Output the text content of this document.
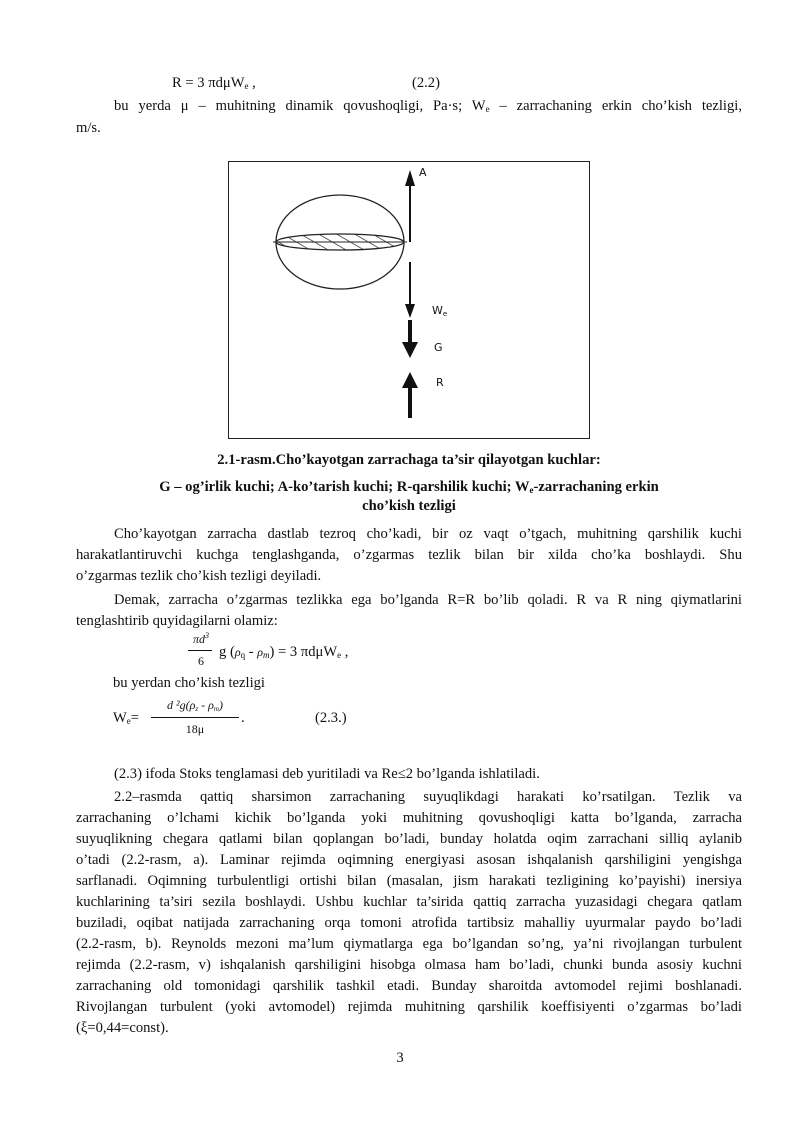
R = 3 πdμW$_e$ ,	(2.2)
bu yerda μ – muhitning dinamik qovushoqligi, Pa·s; $W_e$ – zarrachaning erkin cho’kish tezligi,
m/s.
A
$W_e$
G
R
2.1-rasm.Cho’kayotgan zarrachaga ta’sir qilayotgan kuchlar:
G – og’irlik kuchi; A-ko’tarish kuchi; R-qarshilik kuchi; $W_e$-zarrachaning erkin
cho’kish tezligi
Cho’kayotgan zarracha dastlab tezroq cho’kadi, bir oz vaqt o’tgach, muhitning qarshilik kuchi
harakatlantiruvchi kuchga tenglashganda, o’zgarmas tezlik bilan bir xilda cho’ka boshlaydi. Shu
o’zgarmas tezlik cho’kish tezligi deyiladi.
Demak, zarracha o’zgarmas tezlikka ega bo’lganda R=R bo’lib qoladi. R va R ning qiymatlarini
tenglashtirib quyidagilarni olamiz:
$\pi d^3$
6
g $(\rho_q - \rho_m) = 3$ πdμW$_e$ ,
bu yerdan cho’kish tezligi
$W_e=$
d $^2g(\rho_z - \rho_m)$
18μ
.	(2.3.)
(2.3) ifoda Stoks tenglamasi deb yuritiladi va Re≤2 bo’lganda ishlatiladi.
2.2–rasmda qattiq sharsimon zarrachaning suyuqlikdagi harakati ko’rsatilgan. Tezlik va
zarrachaning o’lchami kichik bo’lganda yoki muhitning qovushoqligi katta bo’lganda, zarracha
suyuqlikning chegara qatlami bilan qoplangan bo’ladi, bunday holatda oqim zarrachani silliq aylanib
o’tadi (2.2-rasm, a). Laminar rejimda oqimning energiyasi asosan ishqalanish qarshiligini yengishga
sarflanadi. Oqimning turbulentligi ortishi bilan (masalan, jism harakati tezligining ko’payishi) inersiya
kuchlarining ta’siri sezila boshlaydi. Ushbu kuchlar ta’sirida qattiq zarracha yuzasidagi chegara qatlam
buziladi, oqibat natijada zarrachaning orqa tomoni atrofida tartibsiz mahalliy uyurmalar paydo bo’ladi
(2.2-rasm, b). Reynolds mezoni ma’lum qiymatlarga ega bo’lgandan so’ng, ya’ni rivojlangan turbulent
rejimda (2.2-rasm, v) ishqalanish qarshiligini hisobga olmasa ham bo’ladi, chunki bunda asosiy kuchni
zarrachaning old tomonidagi qarshilik tashkil etadi. Bunday sharoitda avtomodel rejimi boshlanadi.
Rivojlangan turbulent (yoki avtomodel) rejimda muhitning qarshilik koeffisiyenti o’zgarmas bo’ladi
(ξ=0,44=const).
3
